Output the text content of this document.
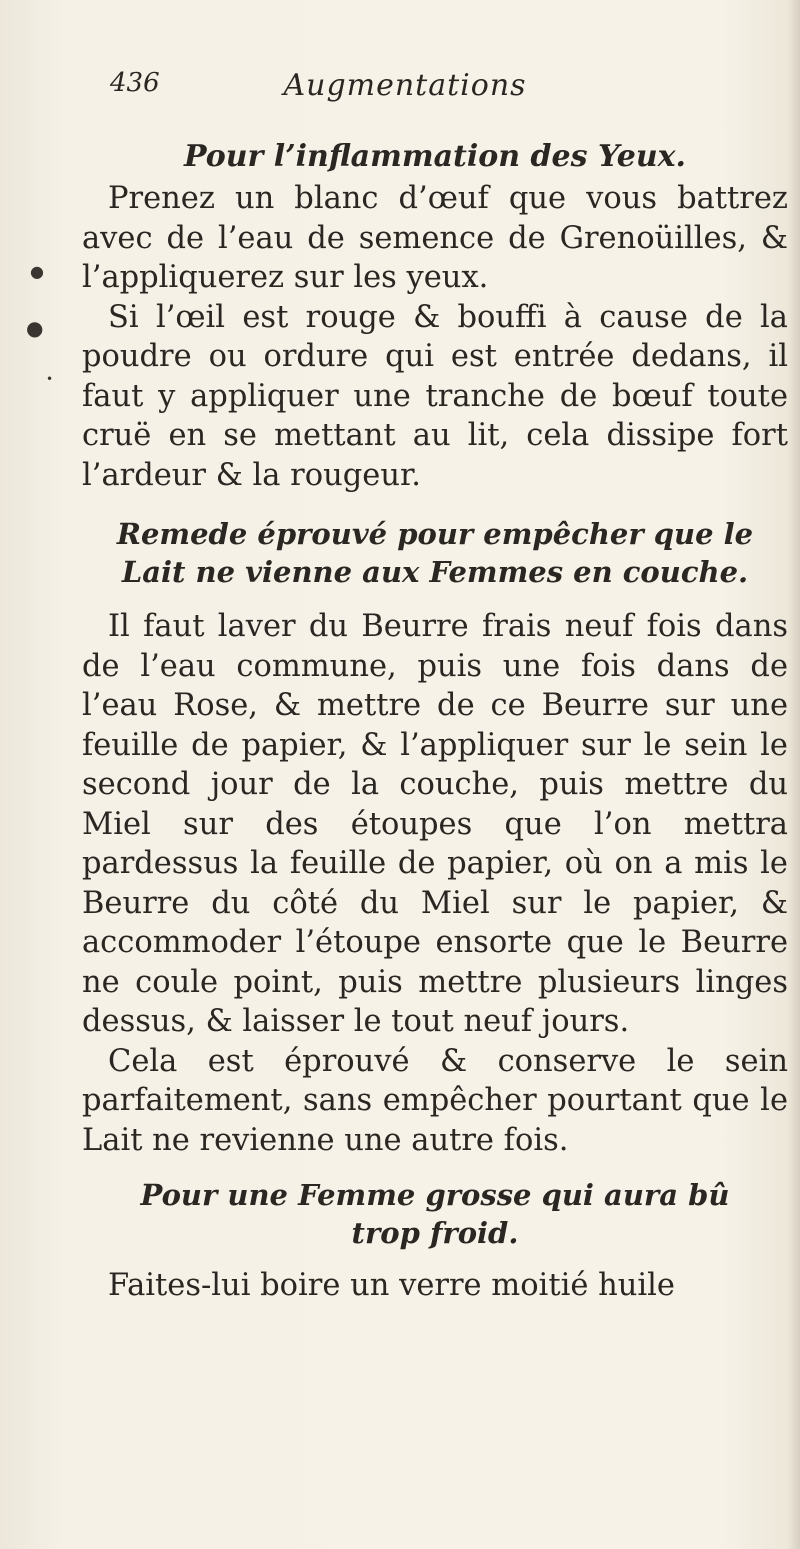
●
●
•
436	Augmentations
Pour l’inflammation des Yeux.

Prenez un blanc d’œuf que vous battrez avec de l’eau de semence de Grenoüilles, & l’appliquerez sur les yeux.

Si l’œil est rouge & bouffi à cause de la poudre ou ordure qui est entrée dedans, il faut y appliquer une tranche de bœuf toute cruë en se mettant au lit, cela dissipe fort l’ardeur & la rougeur.

Remede éprouvé pour empêcher que le Lait ne vienne aux Femmes en couche.

Il faut laver du Beurre frais neuf fois dans de l’eau commune, puis une fois dans de l’eau Rose, & mettre de ce Beurre sur une feuille de papier, & l’appliquer sur le sein le second jour de la couche, puis mettre du Miel sur des étoupes que l’on mettra pardessus la feuille de papier, où on a mis le Beurre du côté du Miel sur le papier, & accommoder l’étoupe ensorte que le Beurre ne coule point, puis mettre plusieurs linges dessus, & laisser le tout neuf jours.

Cela est éprouvé & conserve le sein parfaitement, sans empêcher pourtant que le Lait ne revienne une autre fois.

Pour une Femme grosse qui aura bû trop froid.

Faites-lui boire un verre moitié huile
